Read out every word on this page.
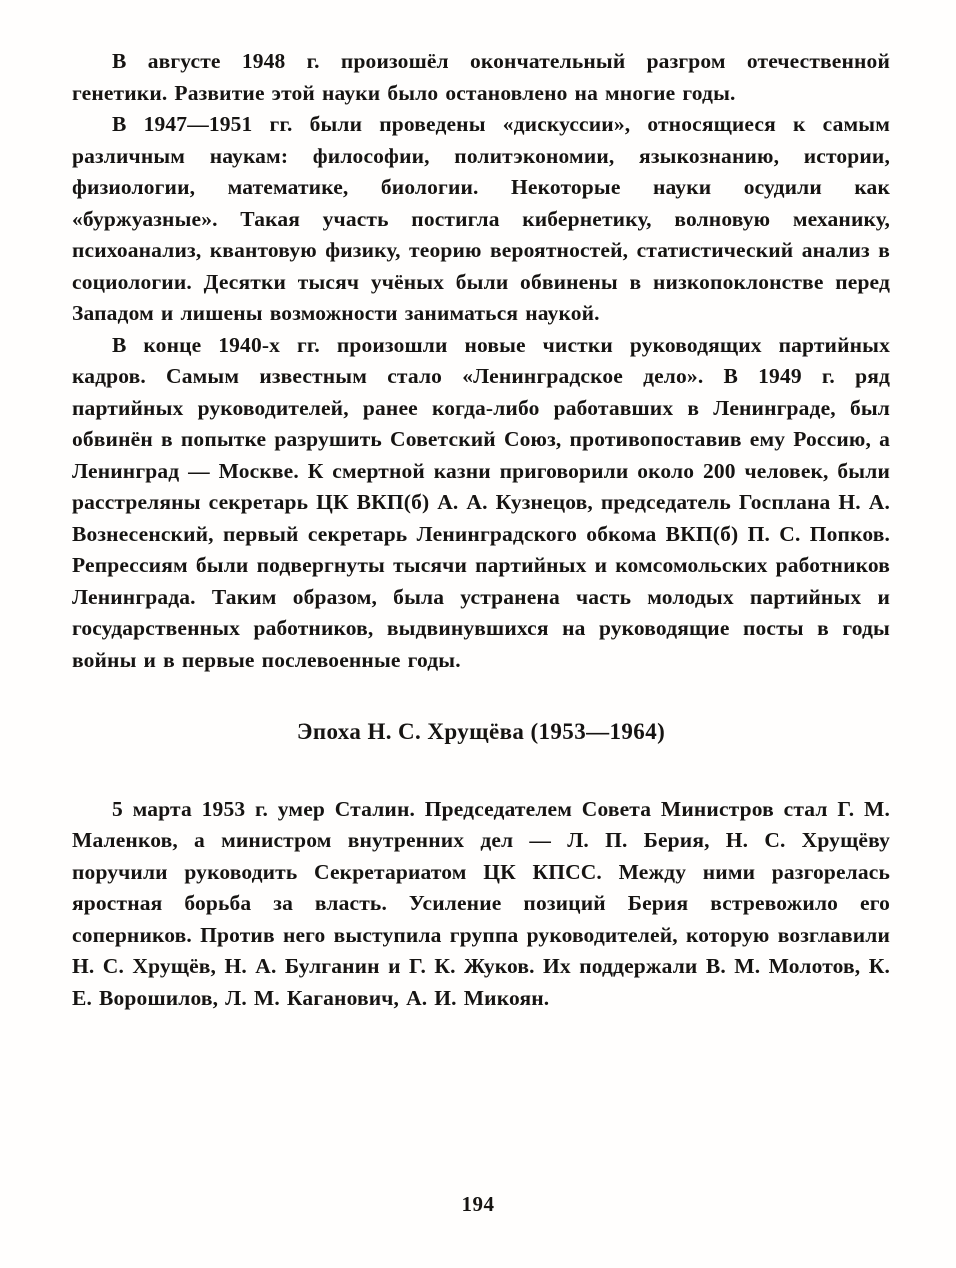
В августе 1948 г. произошёл окончательный разгром отечественной генетики. Развитие этой науки было остановлено на многие годы.

В 1947—1951 гг. были проведены «дискуссии», относящиеся к самым различным наукам: философии, политэкономии, языкознанию, истории, физиологии, математике, биологии. Некоторые науки осудили как «буржуазные». Такая участь постигла кибернетику, волновую механику, психоанализ, квантовую физику, теорию вероятностей, статистический анализ в социологии. Десятки тысяч учёных были обвинены в низкопоклонстве перед Западом и лишены возможности заниматься наукой.

В конце 1940-х гг. произошли новые чистки руководящих партийных кадров. Самым известным стало «Ленинградское дело». В 1949 г. ряд партийных руководителей, ранее когда-либо работавших в Ленинграде, был обвинён в попытке разрушить Советский Союз, противопоставив ему Россию, а Ленинград — Москве. К смертной казни приговорили около 200 человек, были расстреляны секретарь ЦК ВКП(б) А. А. Кузнецов, председатель Госплана Н. А. Вознесенский, первый секретарь Ленинградского обкома ВКП(б) П. С. Попков. Репрессиям были подвергнуты тысячи партийных и комсомольских работников Ленинграда. Таким образом, была устранена часть молодых партийных и государственных работников, выдвинувшихся на руководящие посты в годы войны и в первые послевоенные годы.

Эпоха Н. С. Хрущёва (1953—1964)

5 марта 1953 г. умер Сталин. Председателем Совета Министров стал Г. М. Маленков, а министром внутренних дел — Л. П. Берия, Н. С. Хрущёву поручили руководить Секретариатом ЦК КПСС. Между ними разгорелась яростная борьба за власть. Усиление позиций Берия встревожило его соперников. Против него выступила группа руководителей, которую возглавили Н. С. Хрущёв, Н. А. Булганин и Г. К. Жуков. Их поддержали В. М. Молотов, К. Е. Ворошилов, Л. М. Каганович, А. И. Микоян.

194
